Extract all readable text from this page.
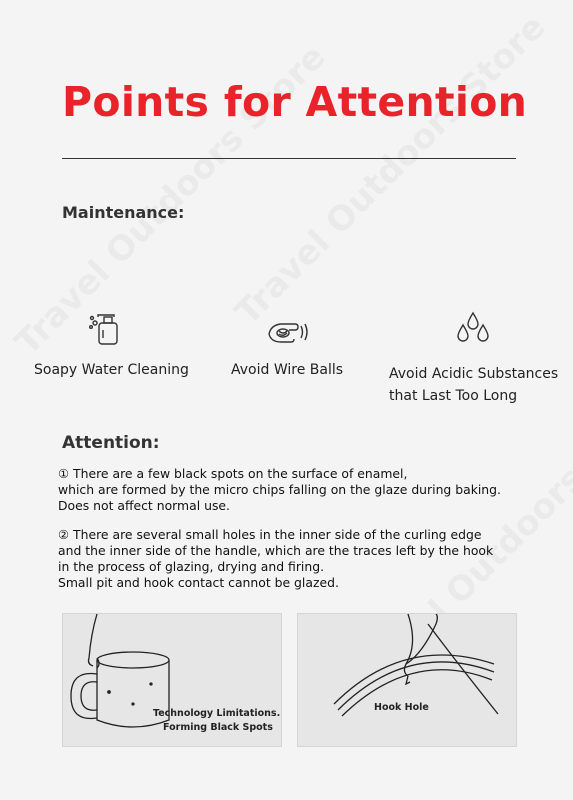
Points for Attention
Maintenance:
Soapy Water Cleaning	Avoid Wire Balls	Avoid Acidic Substances
that Last Too Long
Attention:
① There are a few black spots on the surface of enamel,
which are formed by the micro chips falling on the glaze during baking.
Does not affect normal use.
② There are several small holes in the inner side of the curling edge
and the inner side of the handle, which are the traces left by the hook
in the process of glazing, drying and firing.
Small pit and hook contact cannot be glazed.
Technology Limitations.
Forming Black Spots
Hook Hole
